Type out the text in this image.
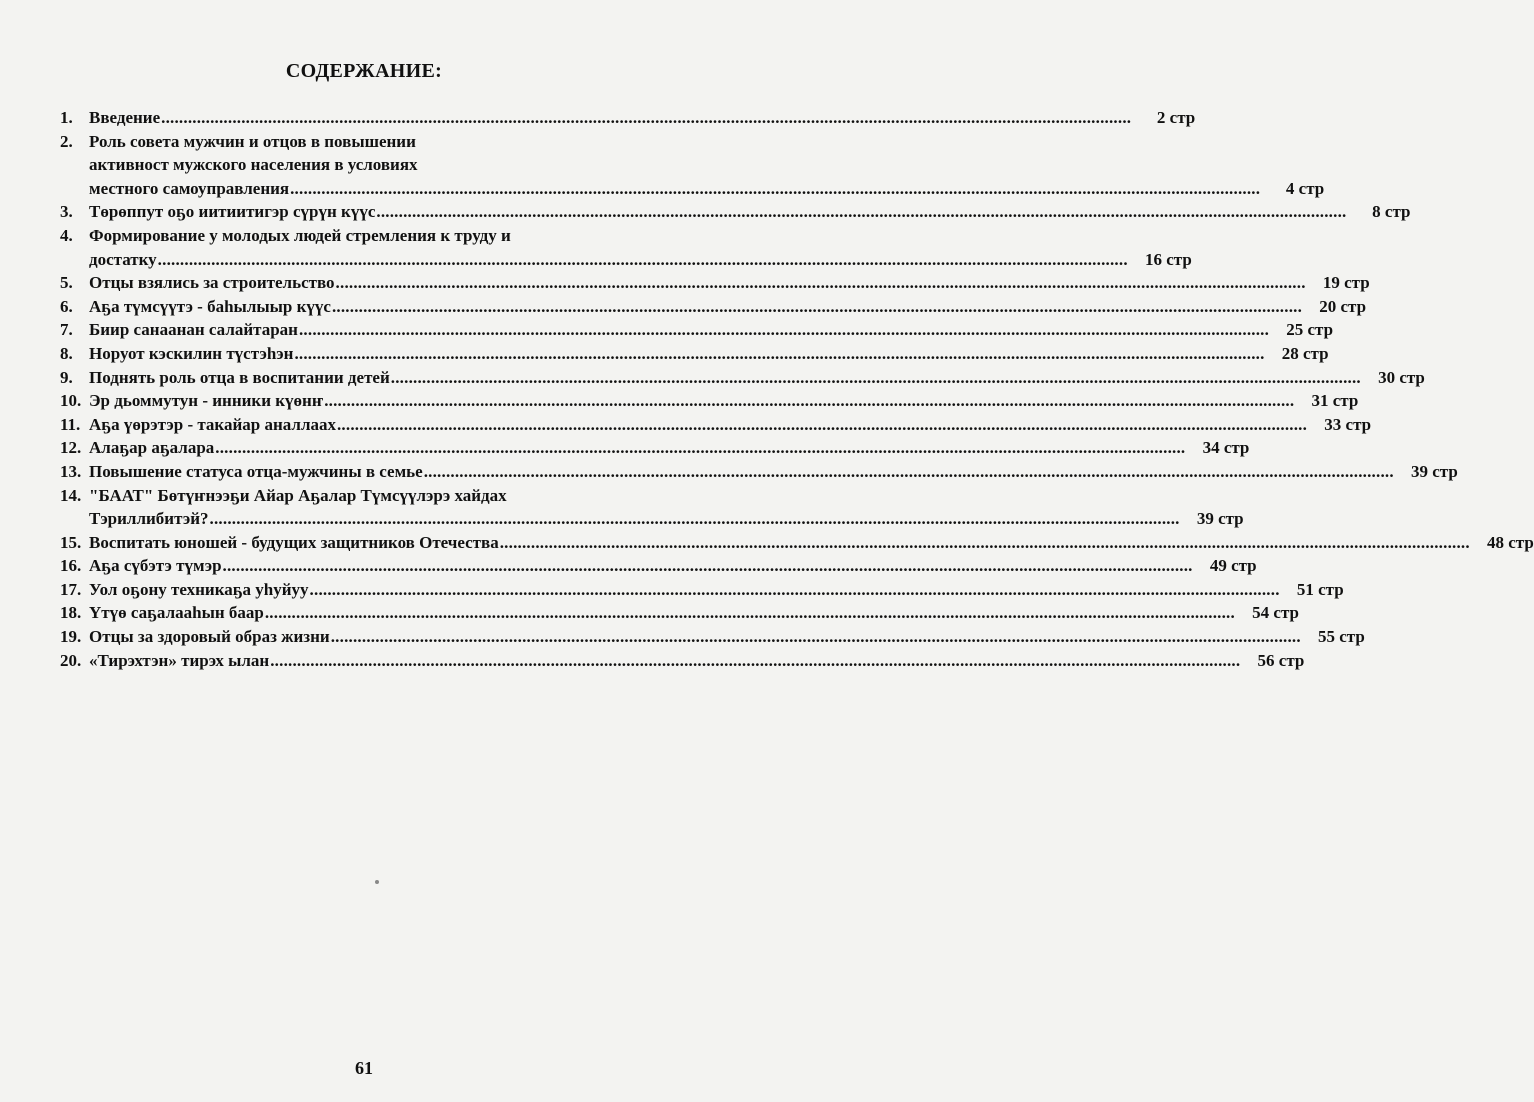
СОДЕРЖАНИЕ:
1. Введение .....	2 стр
2. Роль совета мужчин и отцов в повышении
активност мужского населения в условиях
местного самоуправления .....	4 стр
3. Төрөппут оҕо иитиитигэр сүрүн күүс .....	8 стр
4. Формирование у молодых людей стремления к труду и
достатку .....	16 стр
5. Отцы взялись за строительство .....	19 стр
6. Аҕа түмсүүтэ - баһылыыр күүс .....	20 стр
7. Биир санаанан салайтаран .....	25 стр
8. Норуот кэскилин түстэһэн .....	28 стр
9. Поднять роль отца в воспитании детей .....	30 стр
10. Эр дьоммутун - инники күөнҥ .....	31 стр
11. Аҕа үөрэтэр - такайар аналлаах .....	33 стр
12. Алаҕар аҕалара .....	34 стр
13. Повышение статуса отца-мужчины в семье .....	39 стр
14. "БААТ" Бөтүҥнээҕи Айар Аҕалар Түмсүүлэрэ хайдах
Тэриллибитэй? .....	39 стр
15. Воспитать юношей - будущих защитников Отечества .....	48 стр
16. Аҕа сүбэтэ түмэр .....	49 стр
17. Уол оҕону техникаҕа уһуйуу .....	51 стр
18. Үтүө саҕалааһын баар .....	54 стр
19. Отцы за здоровый образ жизни .....	55 стр
20. «Тирэхтэн» тирэх ылан .....	56 стр
61
